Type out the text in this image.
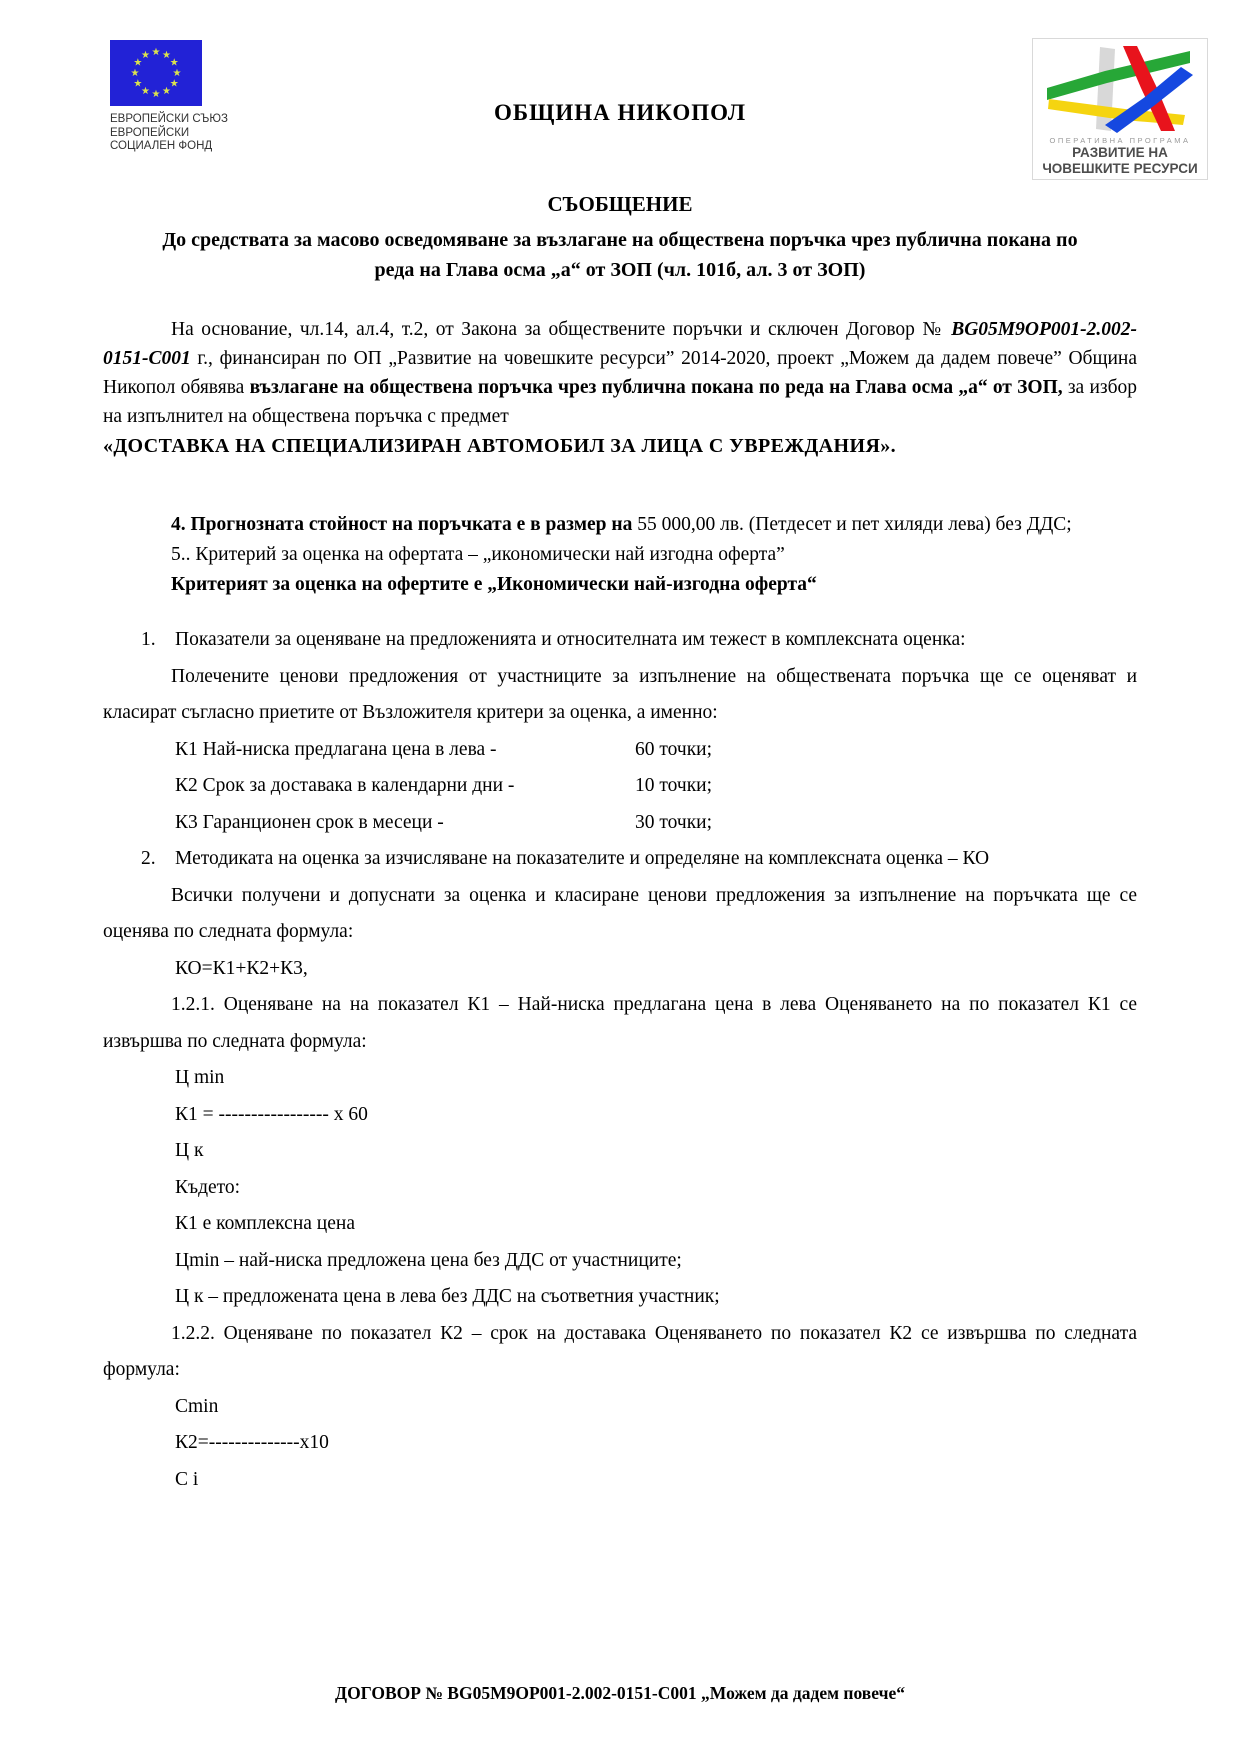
★ ★
★
★
★
★
★
★
★
★
★
★
ЕВРОПЕЙСКИ СЪЮЗ
ЕВРОПЕЙСКИ
СОЦИАЛЕН ФОНД
ОБЩИНА НИКОПОЛ
ОПЕРАТИВНА ПРОГРАМА
РАЗВИТИЕ НА
ЧОВЕШКИТЕ РЕСУРСИ
СЪОБЩЕНИЕ
До средствата за масово осведомяване за възлагане на обществена поръчка чрез публична покана по реда на Глава осма „а“ от ЗОП (чл. 101б, ал. 3 от ЗОП)
На основание, чл.14, ал.4, т.2, от Закона за обществените поръчки и сключен Договор № BG05M9OP001-2.002-0151-C001 г., финансиран по ОП „Развитие на човешките ресурси” 2014-2020, проект „Можем да дадем повече” Община Никопол обявява възлагане на обществена поръчка чрез публична покана по реда на Глава осма „а“ от ЗОП, за избор на изпълнител на обществена поръчка с предмет
«ДОСТАВКА НА СПЕЦИАЛИЗИРАН АВТОМОБИЛ ЗА ЛИЦА С УВРЕЖДАНИЯ».
4. Прогнозната стойност на поръчката е в размер на 55 000,00 лв. (Петдесет и пет хиляди лева) без ДДС;
5.. Критерий за оценка на офертата – „икономически най изгодна оферта”
Критерият за оценка на офертите е „Икономически най-изгодна оферта“
1. Показатели за оценяване на предложенията и относителната им тежест в комплексната оценка:
Полечените ценови предложения от участниците за изпълнение на обществената поръчка ще се оценяват и класират съгласно приетите от Възложителя критери за оценка, а именно:
К1 Най-ниска предлагана цена в лева -	60 точки;
К2 Срок за доставака в календарни дни -	10 точки;
К3 Гаранционен срок в месеци -	30 точки;
2. Методиката на оценка за изчисляване на показателите и определяне на комплексната оценка – КО
Всички получени и допуснати за оценка и класиране ценови предложения за изпълнение на поръчката ще се оценява по следната формула:
КО=К1+К2+К3,
1.2.1. Оценяване на на показател К1 – Най-ниска предлагана цена в лева Оценяването на по показател К1 се извършва по следната формула:
Ц min
К1 = ----------------- х 60
Ц к
Където:
К1 е комплексна цена
Цmin – най-ниска предложена цена без ДДС от участниците;
Ц к – предложената цена в лева без ДДС на съответния участник;
1.2.2. Оценяване по показател К2 – срок на доставака Оценяването по показател К2 се извършва по следната формула:
Cmin
К2=--------------х10
С i
ДОГОВОР № BG05M9OP001-2.002-0151-C001 „Можем да дадем повече“
